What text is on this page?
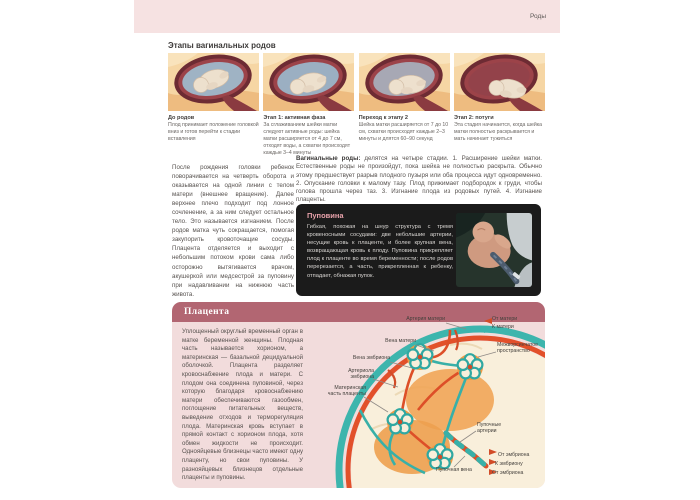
Роды
Этапы вагинальных родов
До родов

Плод принимает положение головкой вниз и готов перейти к стадии вставления

Этап 1: активная фаза

За сглаживанием шейки матки следуют активные роды: шейка матки расширяется от 4 до 7 см, отходят воды, а схватки происходят каждые 3–4 минуты

Переход к этапу 2

Шейка матки расширяется от 7 до 10 см, схватки происходят каждые 2–3 минуты и длятся 60–90 секунд

Этап 2: потуги

Эта стадия начинается, когда шейка матки полностью раскрывается и мать начинает тужиться

После рождения головки ребенок поворачивается на четверть оборота и оказывается на одной линии с телом матери (внешнее вращение). Далее верхнее плечо подходит под лонное сочленение, а за ним следует остальное тело. Это называется изгнанием. После родов матка чуть сокращается, помогая закупорить кровоточащие сосуды. Плацента отделяется и выходит с небольшим потоком крови сама либо осторожно вытягивается врачом, акушеркой или медсестрой за пуповину при надавливании на нижнюю часть живота.
Вагинальные роды: делятся на четыре стадии. 1. Расширение шейки матки. Естественные роды не произойдут, пока шейка не полностью раскрыта. Обычно этому предшествует разрыв плодного пузыря или оба процесса идут одновременно. 2. Опускание головки к малому тазу. Плод прижимает подбородок к груди, чтобы голова прошла через таз. 3. Изгнание плода из родовых путей. 4. Изгнание плаценты.
Пуповина
Гибкая, похожая на шнур структура с тремя кровеносными сосудами: две небольшие артерии, несущие кровь к плаценте, и более крупная вена, возвращающая кровь к плоду. Пуповина прикрепляет плод к плаценте во время беременности; после родов перерезается, а часть, прикрепленная к ребенку, отпадает, обнажая пупок.
Плацента
Уплощенный округлый временный орган в матке беременной женщины. Плодная часть называется хорионом, а материнская — базальной децидуальной оболочкой. Плацента разделяет кровоснабжение плода и матери. С плодом она соединена пуповиной, через которую благодаря кровоснабжению матери обеспечиваются газообмен, поглощение питательных веществ, выведение отходов и терморегуляция плода. Материнская кровь вступает в прямой контакт с хорионом плода, хотя обмен жидкости не происходит. Однояйцевые близнецы часто имеют одну плаценту, но свои пуповины. У разнояйцевых близнецов отдельные плаценты и пуповины.
Артерия матери	От матери
К матери
Вена матери
Межворсинчатое пространство
Вена эмбриона
Артериола эмбриона
Материнская часть плаценты
Пупочные артерии
Пупочная вена
От эмбриона
К эмбриону
От эмбриона
